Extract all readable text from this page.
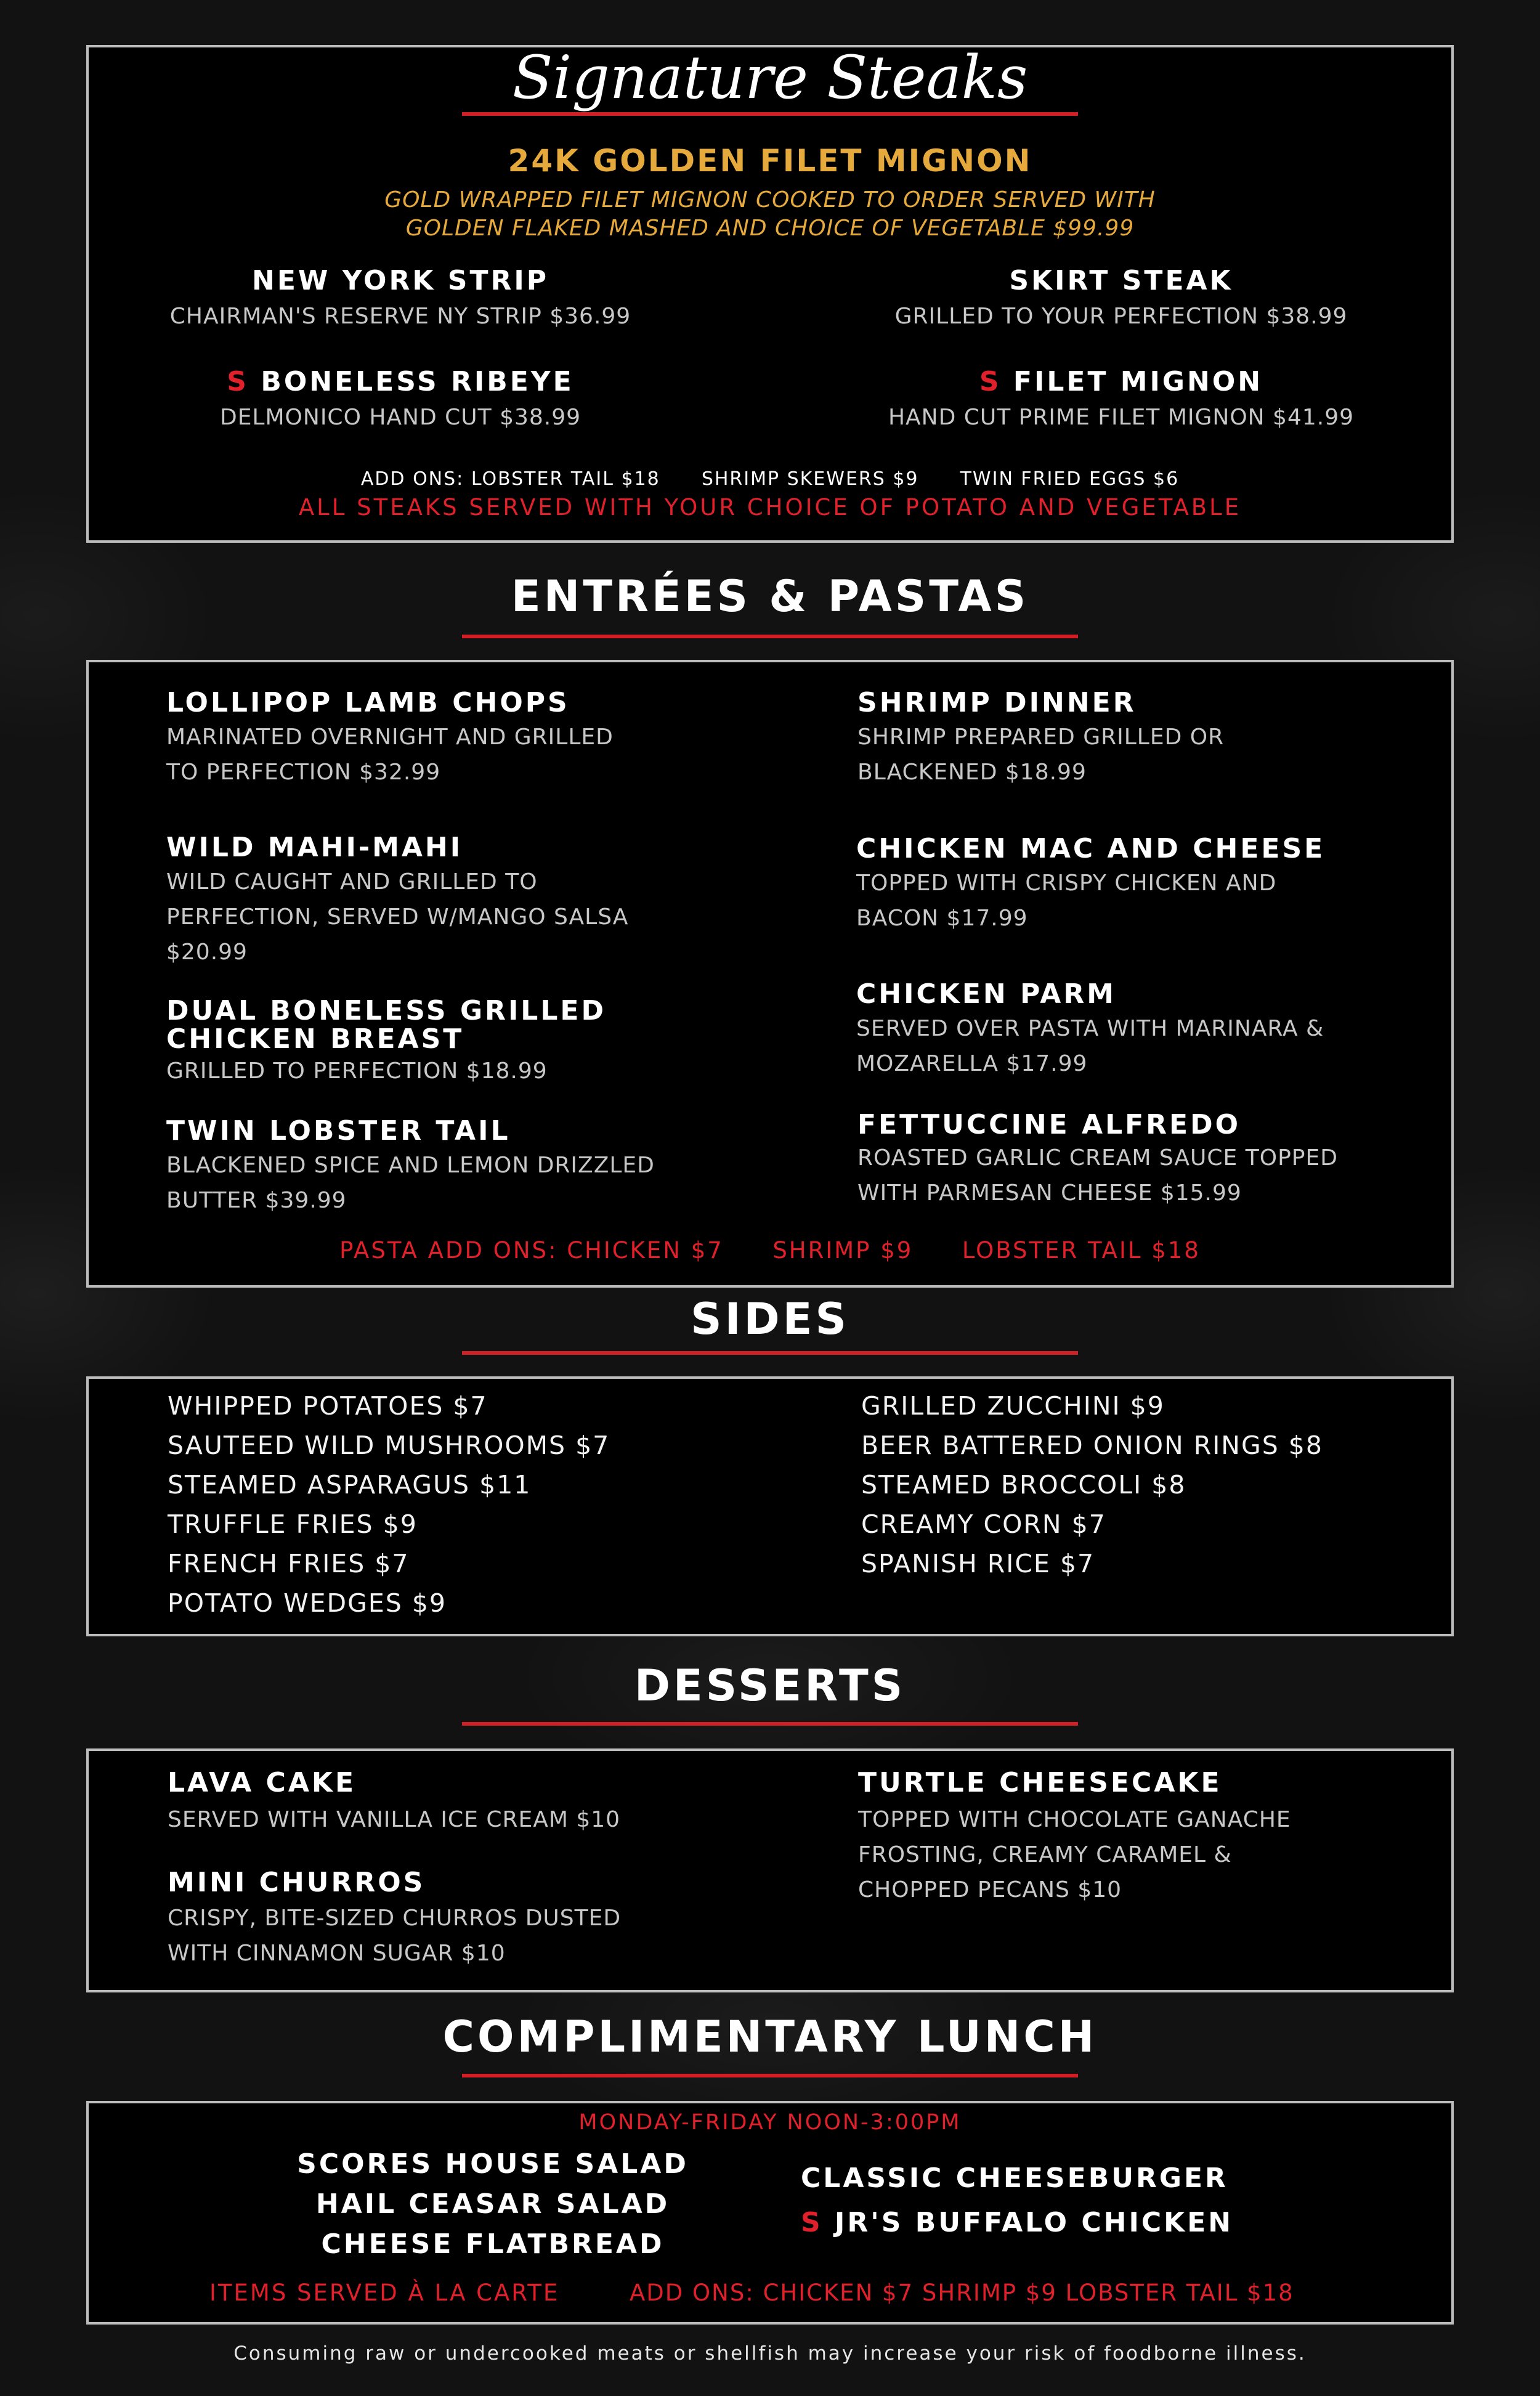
Signature Steaks
24K GOLDEN FILET MIGNON
GOLD WRAPPED FILET MIGNON COOKED TO ORDER SERVED WITH
GOLDEN FLAKED MASHED AND CHOICE OF VEGETABLE $99.99
NEW YORK STRIP
CHAIRMAN'S RESERVE NY STRIP $36.99
SKIRT STEAK
GRILLED TO YOUR PERFECTION $38.99
S BONELESS RIBEYE
DELMONICO HAND CUT $38.99
S FILET MIGNON
HAND CUT PRIME FILET MIGNON $41.99
ADD ONS: LOBSTER TAIL $18 SHRIMP SKEWERS $9 TWIN FRIED EGGS $6
ALL STEAKS SERVED WITH YOUR CHOICE OF POTATO AND VEGETABLE
ENTRÉES & PASTAS
LOLLIPOP LAMB CHOPS
MARINATED OVERNIGHT AND GRILLED
TO PERFECTION $32.99
WILD MAHI-MAHI
WILD CAUGHT AND GRILLED TO
PERFECTION, SERVED W/MANGO SALSA
$20.99
DUAL BONELESS GRILLED
CHICKEN BREAST
GRILLED TO PERFECTION $18.99
TWIN LOBSTER TAIL
BLACKENED SPICE AND LEMON DRIZZLED
BUTTER $39.99
SHRIMP DINNER
SHRIMP PREPARED GRILLED OR
BLACKENED $18.99
CHICKEN MAC AND CHEESE
TOPPED WITH CRISPY CHICKEN AND
BACON $17.99
CHICKEN PARM
SERVED OVER PASTA WITH MARINARA &
MOZARELLA $17.99
FETTUCCINE ALFREDO
ROASTED GARLIC CREAM SAUCE TOPPED
WITH PARMESAN CHEESE $15.99
PASTA ADD ONS: CHICKEN $7 SHRIMP $9 LOBSTER TAIL $18
SIDES
WHIPPED POTATOES $7
SAUTEED WILD MUSHROOMS $7
STEAMED ASPARAGUS $11
TRUFFLE FRIES $9
FRENCH FRIES $7
POTATO WEDGES $9
GRILLED ZUCCHINI $9
BEER BATTERED ONION RINGS $8
STEAMED BROCCOLI $8
CREAMY CORN $7
SPANISH RICE $7
DESSERTS
LAVA CAKE
SERVED WITH VANILLA ICE CREAM $10
MINI CHURROS
CRISPY, BITE-SIZED CHURROS DUSTED
WITH CINNAMON SUGAR $10
TURTLE CHEESECAKE
TOPPED WITH CHOCOLATE GANACHE
FROSTING, CREAMY CARAMEL &
CHOPPED PECANS $10
COMPLIMENTARY LUNCH
MONDAY-FRIDAY NOON-3:00PM
SCORES HOUSE SALAD
HAIL CEASAR SALAD
CHEESE FLATBREAD
CLASSIC CHEESEBURGER
S JR'S BUFFALO CHICKEN
ITEMS SERVED À LA CARTE	ADD ONS: CHICKEN $7 SHRIMP $9 LOBSTER TAIL $18
Consuming raw or undercooked meats or shellfish may increase your risk of foodborne illness.
